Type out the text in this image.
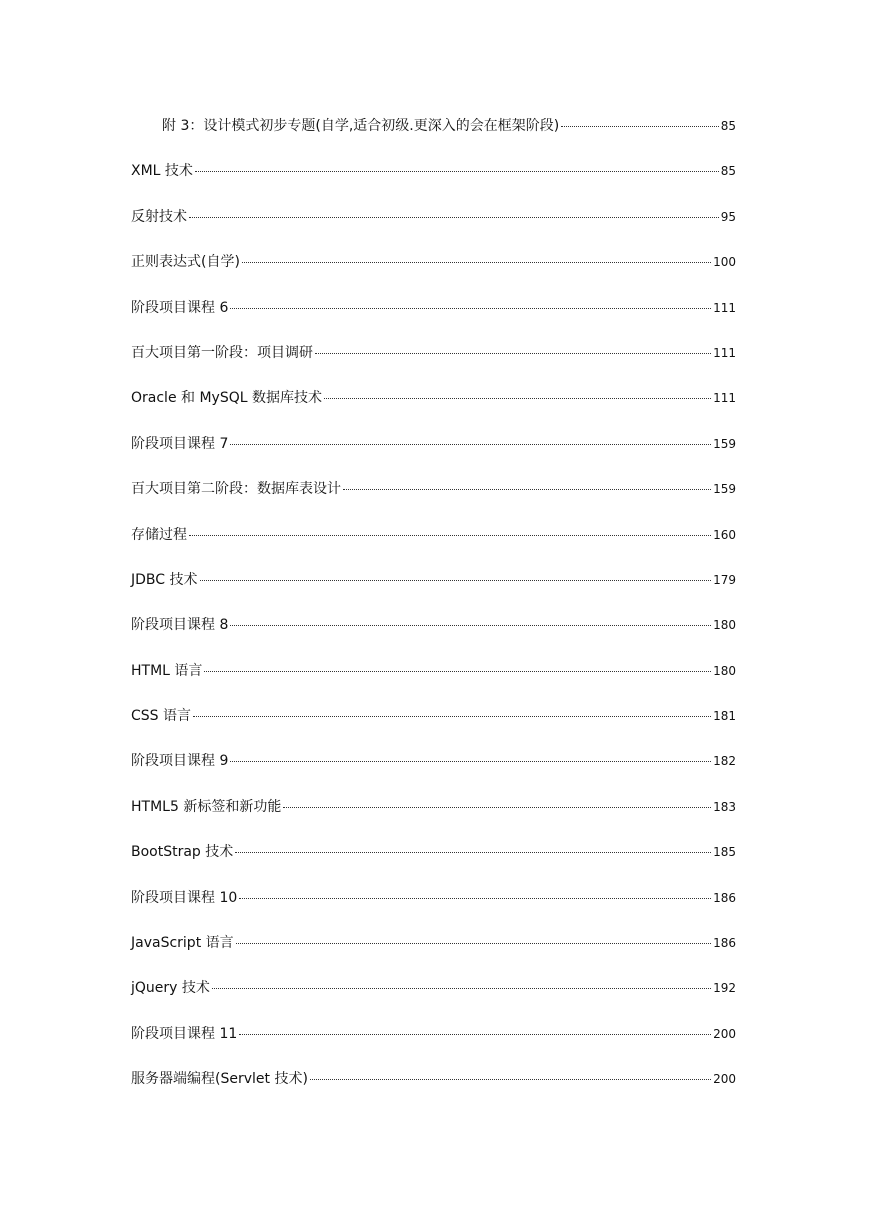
附 3：设计模式初步专题(自学,适合初级.更深入的会在框架阶段)	85
XML 技术	85
反射技术	95
正则表达式(自学)	100
阶段项目课程 6	111
百大项目第一阶段：项目调研	111
Oracle 和 MySQL 数据库技术	111
阶段项目课程 7	159
百大项目第二阶段：数据库表设计	159
存储过程	160
JDBC 技术	179
阶段项目课程 8	180
HTML 语言	180
CSS 语言	181
阶段项目课程 9	182
HTML5 新标签和新功能	183
BootStrap 技术	185
阶段项目课程 10	186
JavaScript 语言	186
jQuery 技术	192
阶段项目课程 11	200
服务器端编程(Servlet 技术)	200
